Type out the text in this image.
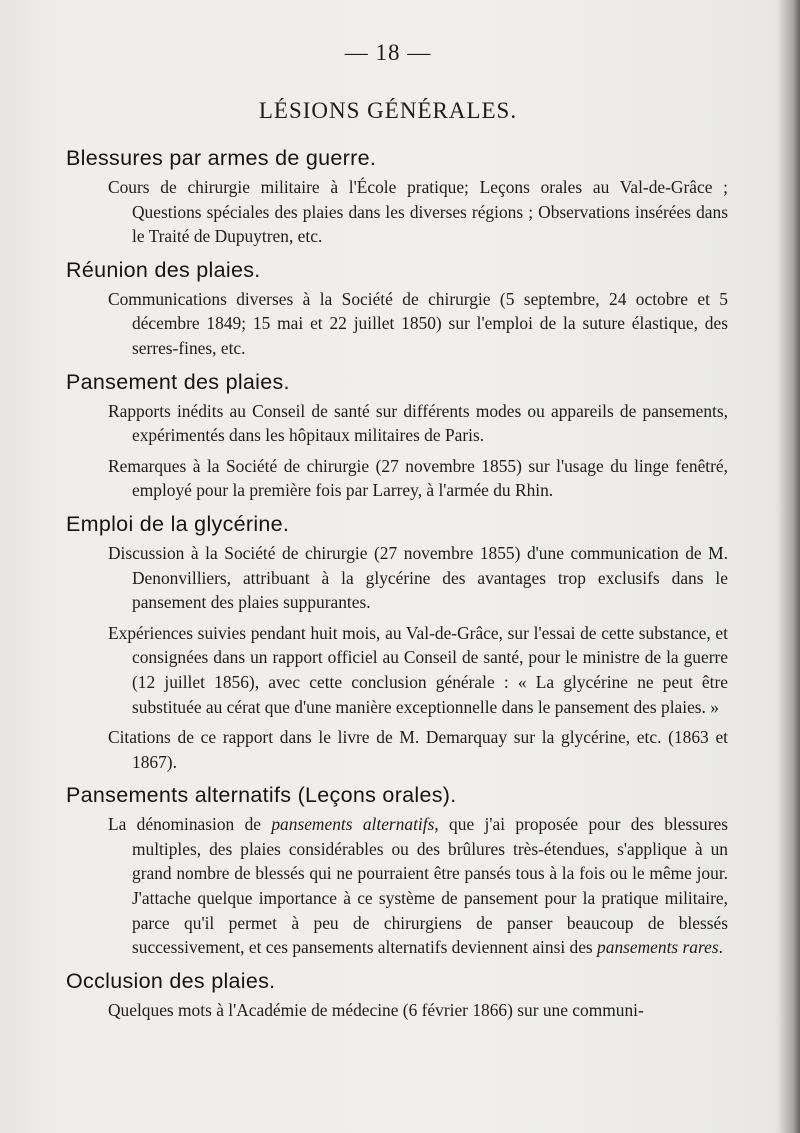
— 18 —
LÉSIONS GÉNÉRALES.
Blessures par armes de guerre.

Cours de chirurgie militaire à l'École pratique; Leçons orales au Val-de-Grâce ; Questions spéciales des plaies dans les diverses régions ; Observations insérées dans le Traité de Dupuytren, etc.

Réunion des plaies.

Communications diverses à la Société de chirurgie (5 septembre, 24 octobre et 5 décembre 1849; 15 mai et 22 juillet 1850) sur l'emploi de la suture élastique, des serres-fines, etc.

Pansement des plaies.

Rapports inédits au Conseil de santé sur différents modes ou appareils de pansements, expérimentés dans les hôpitaux militaires de Paris.

Remarques à la Société de chirurgie (27 novembre 1855) sur l'usage du linge fenêtré, employé pour la première fois par Larrey, à l'armée du Rhin.

Emploi de la glycérine.

Discussion à la Société de chirurgie (27 novembre 1855) d'une communication de M. Denonvilliers, attribuant à la glycérine des avantages trop exclusifs dans le pansement des plaies suppurantes.

Expériences suivies pendant huit mois, au Val-de-Grâce, sur l'essai de cette substance, et consignées dans un rapport officiel au Conseil de santé, pour le ministre de la guerre (12 juillet 1856), avec cette conclusion générale : « La glycérine ne peut être substituée au cérat que d'une manière exceptionnelle dans le pansement des plaies. »

Citations de ce rapport dans le livre de M. Demarquay sur la glycérine, etc. (1863 et 1867).

Pansements alternatifs (Leçons orales).

La dénominasion de pansements alternatifs, que j'ai proposée pour des blessures multiples, des plaies considérables ou des brûlures très-étendues, s'applique à un grand nombre de blessés qui ne pourraient être pansés tous à la fois ou le même jour. J'attache quelque importance à ce système de pansement pour la pratique militaire, parce qu'il permet à peu de chirurgiens de panser beaucoup de blessés successivement, et ces pansements alternatifs deviennent ainsi des pansements rares.

Occlusion des plaies.

Quelques mots à l'Académie de médecine (6 février 1866) sur une communi-
